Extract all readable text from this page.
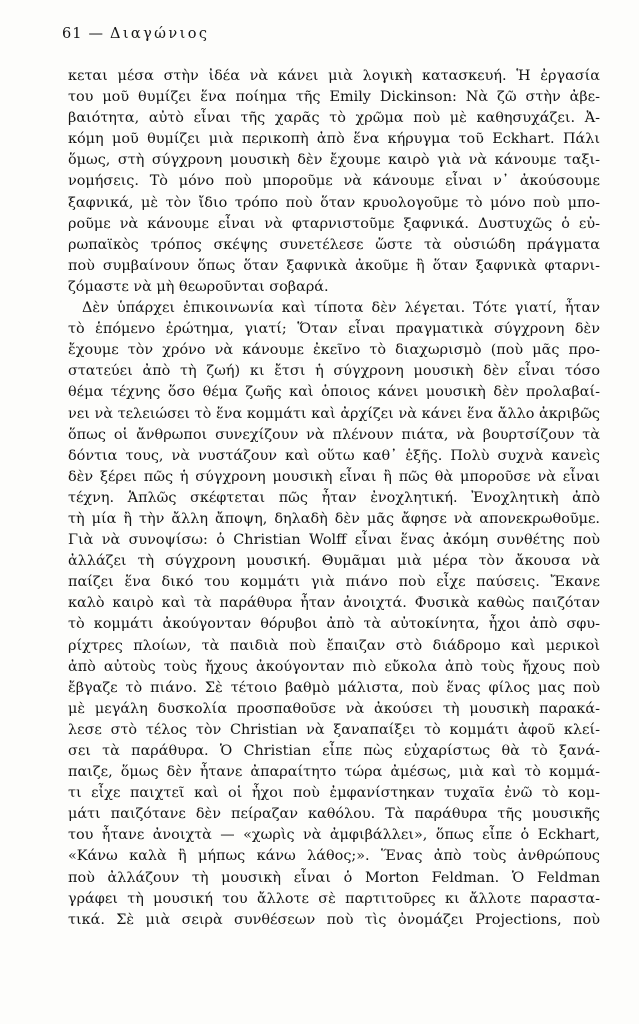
61 — Διαγώνιος
κεται μέσα στὴν ἰδέα νὰ κάνει μιὰ λογικὴ κατασκευή. Ἡ ἐργασία
του μοῦ θυμίζει ἕνα ποίημα τῆς Emily Dickinson: Νὰ ζῶ στὴν ἀβε-
βαιότητα, αὐτὸ εἶναι τῆς χαρᾶς τὸ χρῶμα ποὺ μὲ καθησυχάζει. Ἀ-
κόμη μοῦ θυμίζει μιὰ περικοπὴ ἀπὸ ἕνα κήρυγμα τοῦ Eckhart. Πάλι
ὅμως, στὴ σύγχρονη μουσικὴ δὲν ἔχουμε καιρὸ γιὰ νὰ κάνουμε ταξι-
νομήσεις. Τὸ μόνο ποὺ μποροῦμε νὰ κάνουμε εἶναι ν᾽ ἀκούσουμε
ξαφνικά, μὲ τὸν ἴδιο τρόπο ποὺ ὅταν κρυολογοῦμε τὸ μόνο ποὺ μπο-
ροῦμε νὰ κάνουμε εἶναι νὰ φταρνιστοῦμε ξαφνικά. Δυστυχῶς ὁ εὐ-
ρωπαϊκὸς τρόπος σκέψης συνετέλεσε ὥστε τὰ οὐσιώδη πράγματα
ποὺ συμβαίνουν ὅπως ὅταν ξαφνικὰ ἀκοῦμε ἢ ὅταν ξαφνικὰ φταρνι-
ζόμαστε νὰ μὴ θεωροῦνται σοβαρά.
Δὲν ὑπάρχει ἐπικοινωνία καὶ τίποτα δὲν λέγεται. Τότε γιατί, ἦταν
τὸ ἑπόμενο ἐρώτημα, γιατί; Ὅταν εἶναι πραγματικὰ σύγχρονη δὲν
ἔχουμε τὸν χρόνο νὰ κάνουμε ἐκεῖνο τὸ διαχωρισμὸ (ποὺ μᾶς προ-
στατεύει ἀπὸ τὴ ζωή) κι ἔτσι ἡ σύγχρονη μουσικὴ δὲν εἶναι τόσο
θέμα τέχνης ὅσο θέμα ζωῆς καὶ ὁποιος κάνει μουσικὴ δὲν προλαβαί-
νει νὰ τελειώσει τὸ ἕνα κομμάτι καὶ ἀρχίζει νὰ κάνει ἕνα ἄλλο ἀκριβῶς
ὅπως οἱ ἄνθρωποι συνεχίζουν νὰ πλένουν πιάτα, νὰ βουρτσίζουν τὰ
δόντια τους, νὰ νυστάζουν καὶ οὕτω καθ᾽ ἑξῆς. Πολὺ συχνὰ κανεὶς
δὲν ξέρει πῶς ἡ σύγχρονη μουσικὴ εἶναι ἢ πῶς θὰ μποροῦσε νὰ εἶναι
τέχνη. Ἁπλῶς σκέφτεται πῶς ἦταν ἐνοχλητική. Ἐνοχλητικὴ ἀπὸ
τὴ μία ἢ τὴν ἄλλη ἄποψη, δηλαδὴ δὲν μᾶς ἄφησε νὰ απονεκρωθοῦμε.
Γιὰ νὰ συνοψίσω: ὁ Christian Wolff εἶναι ἕνας ἀκόμη συνθέτης ποὺ
ἀλλάζει τὴ σύγχρονη μουσική. Θυμᾶμαι μιὰ μέρα τὸν ἄκουσα νὰ
παίζει ἕνα δικό του κομμάτι γιὰ πιάνο ποὺ εἶχε παύσεις. Ἔκανε
καλὸ καιρὸ καὶ τὰ παράθυρα ἦταν ἀνοιχτά. Φυσικὰ καθὼς παιζόταν
τὸ κομμάτι ἀκούγονταν θόρυβοι ἀπὸ τὰ αὐτοκίνητα, ἦχοι ἀπὸ σφυ-
ρίχτρες πλοίων, τὰ παιδιὰ ποὺ ἔπαιζαν στὸ διάδρομο καὶ μερικοὶ
ἀπὸ αὐτοὺς τοὺς ἤχους ἀκούγονταν πιὸ εὔκολα ἀπὸ τοὺς ἤχους ποὺ
ἔβγαζε τὸ πιάνο. Σὲ τέτοιο βαθμὸ μάλιστα, ποὺ ἕνας φίλος μας ποὺ
μὲ μεγάλη δυσκολία προσπαθοῦσε νὰ ἀκούσει τὴ μουσικὴ παρακά-
λεσε στὸ τέλος τὸν Christian νὰ ξαναπαίξει τὸ κομμάτι ἀφοῦ κλεί-
σει τὰ παράθυρα. Ὁ Christian εἶπε πὼς εὐχαρίστως θὰ τὸ ξανά-
παιζε, ὅμως δὲν ἦτανε ἀπαραίτητο τώρα ἀμέσως, μιὰ καὶ τὸ κομμά-
τι εἶχε παιχτεῖ καὶ οἱ ἦχοι ποὺ ἐμφανίστηκαν τυχαῖα ἐνῶ τὸ κομ-
μάτι παιζότανε δὲν πείραζαν καθόλου. Τὰ παράθυρα τῆς μουσικῆς
του ἦτανε ἀνοιχτὰ — «χωρὶς νὰ ἀμφιβάλλει», ὅπως εἶπε ὁ Eckhart,
«Κάνω καλὰ ἢ μήπως κάνω λάθος;». Ἕνας ἀπὸ τοὺς ἀνθρώπους
ποὺ ἀλλάζουν τὴ μουσικὴ εἶναι ὁ Morton Feldman. Ὁ Feldman
γράφει τὴ μουσική του ἄλλοτε σὲ παρτιτοῦρες κι ἄλλοτε παραστα-
τικά. Σὲ μιὰ σειρὰ συνθέσεων ποὺ τὶς ὀνομάζει Projections, ποὺ
